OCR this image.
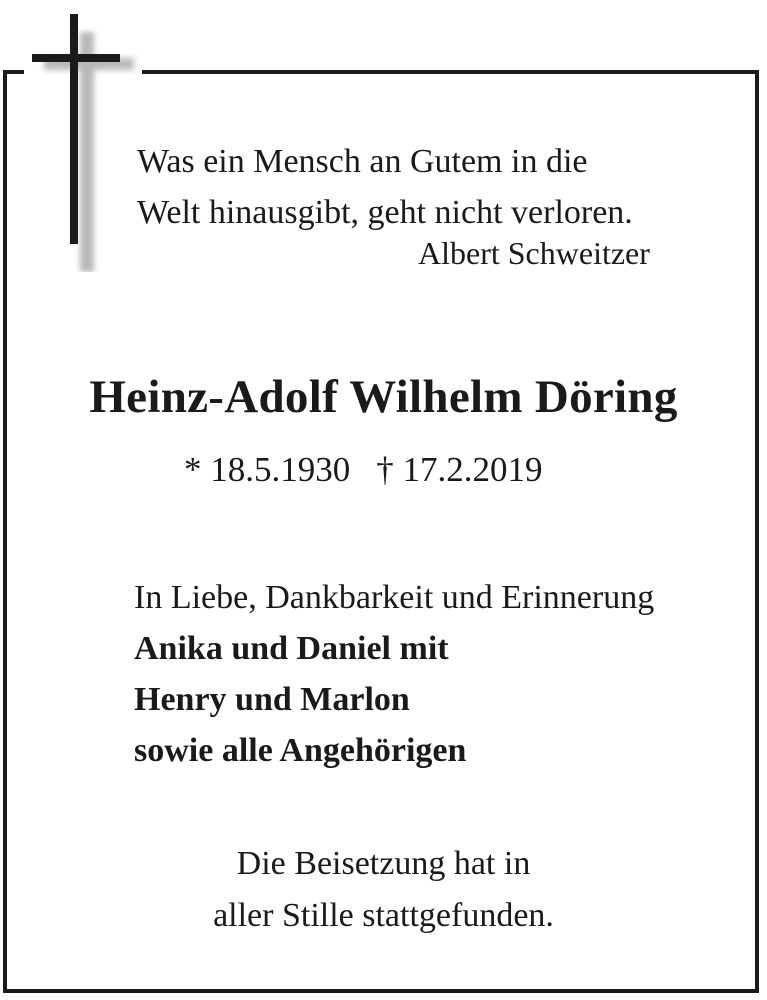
Was ein Mensch an Gutem in die
Welt hinausgibt, geht nicht verloren.
Albert Schweitzer
Heinz-Adolf Wilhelm Döring
* 18.5.1930 † 17.2.2019
In Liebe, Dankbarkeit und Erinnerung
Anika und Daniel mit
Henry und Marlon
sowie alle Angehörigen
Die Beisetzung hat in
aller Stille stattgefunden.
